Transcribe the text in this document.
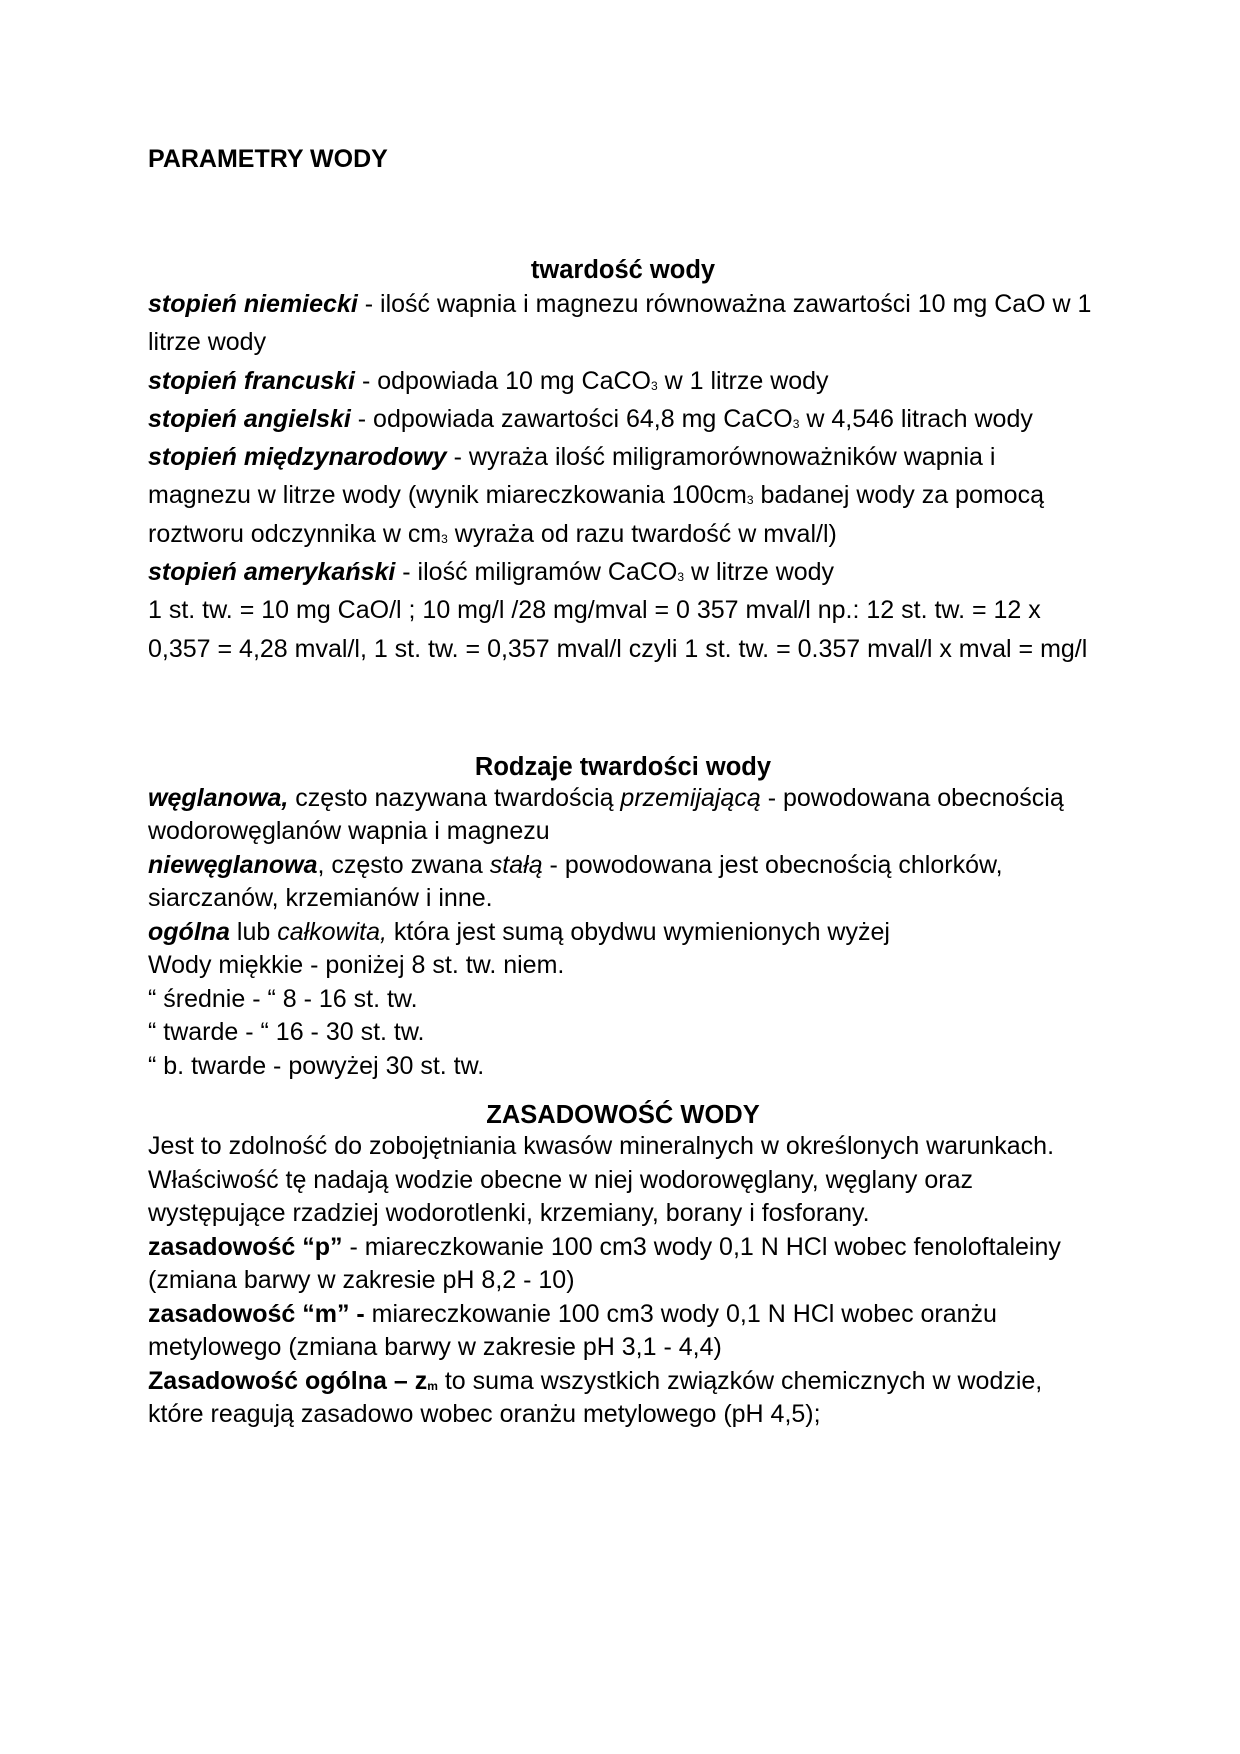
PARAMETRY WODY
twardość wody

stopień niemiecki - ilość wapnia i magnezu równoważna zawartości 10 mg CaO w 1 litrze wody

stopień francuski - odpowiada 10 mg CaCO$_3$ w 1 litrze wody

stopień angielski - odpowiada zawartości 64,8 mg CaCO$_3$ w 4,546 litrach wody

stopień międzynarodowy - wyraża ilość miligramorównoważników wapnia i magnezu w litrze wody (wynik miareczkowania $100cm_3$ badanej wody za pomocą roztworu odczynnika w $cm_3$ wyraża od razu twardość w mval/l)

stopień amerykański - ilość miligramów CaCO$_3$ w litrze wody

1 st. tw. = 10 mg CaO/l ; 10 mg/l /28 mg/mval = 0 357 mval/l np.: 12 st. tw. = 12 x 0,357 = 4,28 mval/l, 1 st. tw. = 0,357 mval/l czyli 1 st. tw. = 0.357 mval/l x mval = mg/l

Rodzaje twardości wody

węglanowa, często nazywana twardością przemijającą - powodowana obecnością wodorowęglanów wapnia i magnezu

niewęglanowa, często zwana stałą - powodowana jest obecnością chlorków, siarczanów, krzemianów i inne.

ogólna lub całkowita, która jest sumą obydwu wymienionych wyżej

Wody miękkie - poniżej 8 st. tw. niem.

“ średnie - “ 8 - 16 st. tw.

“ twarde - “ 16 - 30 st. tw.

“ b. twarde - powyżej 30 st. tw.

ZASADOWOŚĆ WODY

Jest to zdolność do zobojętniania kwasów mineralnych w określonych warunkach. Właściwość tę nadają wodzie obecne w niej wodorowęglany, węglany oraz występujące rzadziej wodorotlenki, krzemiany, borany i fosforany.

zasadowość “p” - miareczkowanie 100 cm3 wody 0,1 N HCl wobec fenoloftaleiny (zmiana barwy w zakresie pH 8,2 - 10)

zasadowość “m” - miareczkowanie 100 cm3 wody 0,1 N HCl wobec oranżu metylowego (zmiana barwy w zakresie pH 3,1 - 4,4)

Zasadowość ogólna – $z_m$ to suma wszystkich związków chemicznych w wodzie, które reagują zasadowo wobec oranżu metylowego (pH 4,5);
